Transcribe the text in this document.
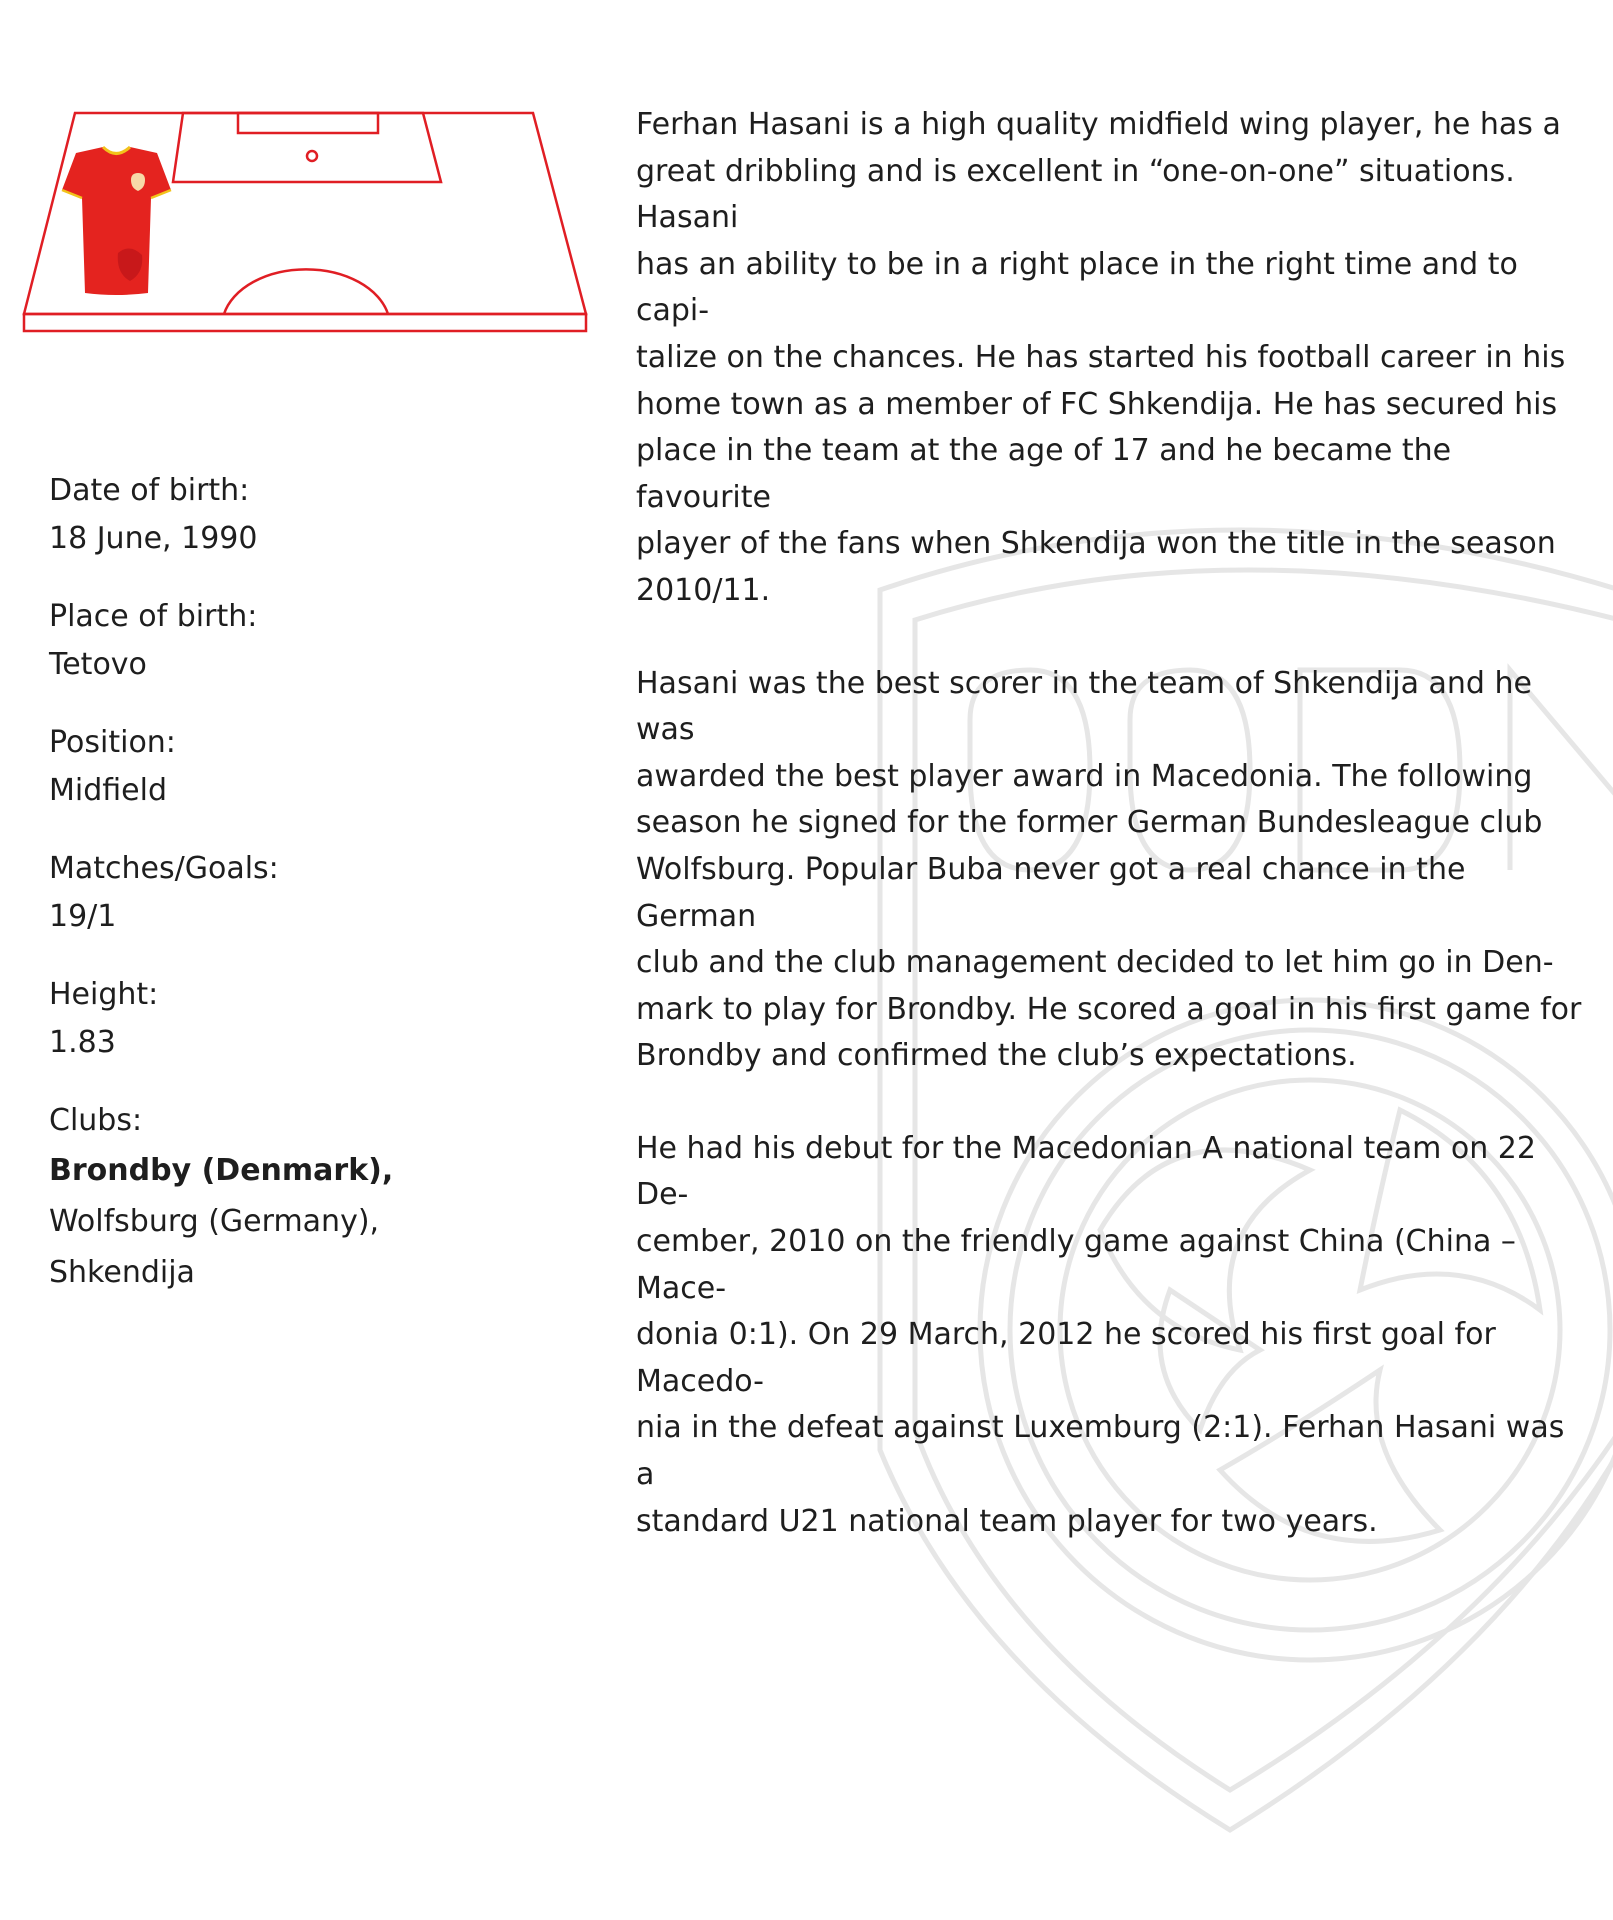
Date of birth:
18 June, 1990
Place of birth:
Tetovo
Position:
Midfield
Matches/Goals:
19/1
Height:
1.83
Clubs:
Brondby (Denmark),
Wolfsburg (Germany),
Shkendija

Ferhan Hasani is a high quality midfield wing player, he has a
great dribbling and is excellent in “one-on-one” situations. Hasani
has an ability to be in a right place in the right time and to capi-
talize on the chances. He has started his football career in his
home town as a member of FC Shkendija. He has secured his
place in the team at the age of 17 and he became the favourite
player of the fans when Shkendija won the title in the season
2010/11.

Hasani was the best scorer in the team of Shkendija and he was
awarded the best player award in Macedonia. The following
season he signed for the former German Bundesleague club
Wolfsburg. Popular Buba never got a real chance in the German
club and the club management decided to let him go in Den-
mark to play for Brondby. He scored a goal in his first game for
Brondby and confirmed the club’s expectations.

He had his debut for the Macedonian A national team on 22 De-
cember, 2010 on the friendly game against China (China – Mace-
donia 0:1). On 29 March, 2012 he scored his first goal for Macedo-
nia in the defeat against Luxemburg (2:1). Ferhan Hasani was a
standard U21 national team player for two years.
